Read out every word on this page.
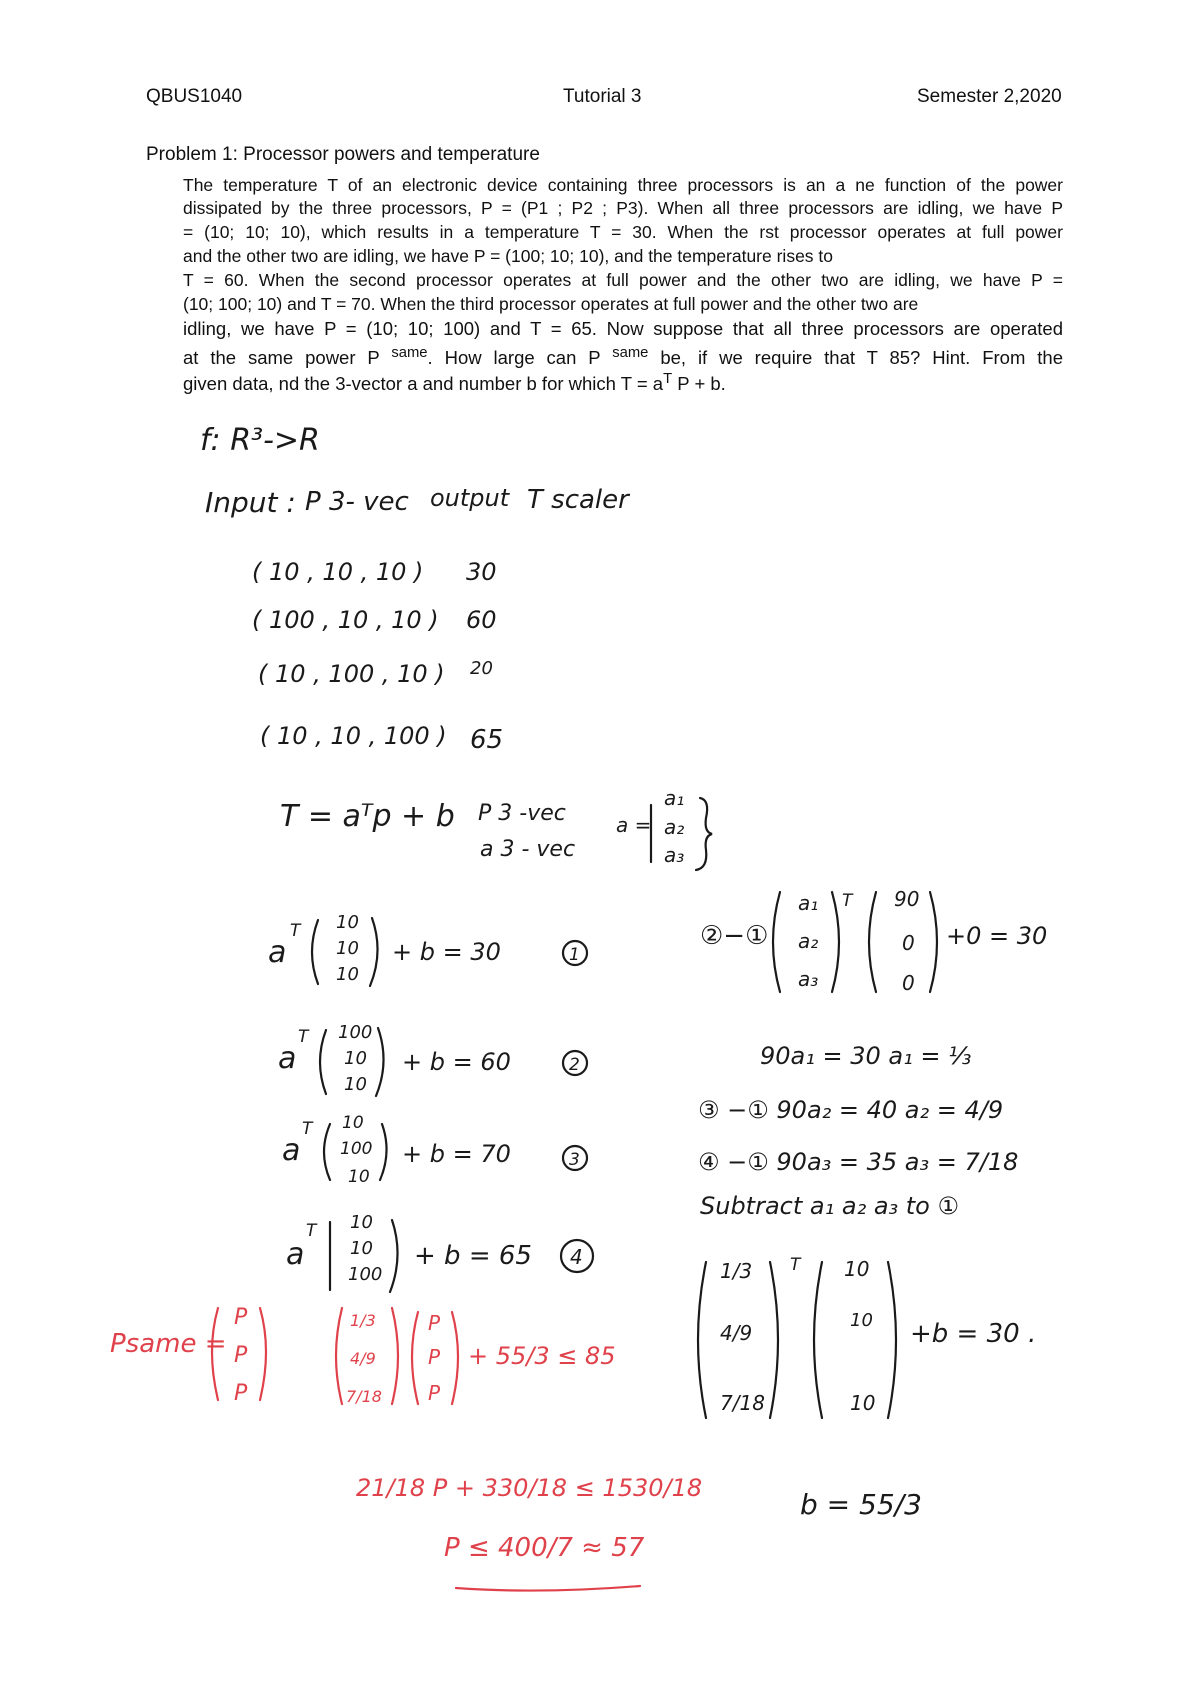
QBUS1040	Tutorial 3	Semester 2,2020
Problem 1: Processor powers and temperature
The temperature T of an electronic device containing three processors is an a ne function of the power
dissipated by the three processors, P = (P1 ; P2 ; P3). When all three processors are idling, we have P
= (10; 10; 10), which results in a temperature T = 30. When the rst processor operates at full power
and the other two are idling, we have P = (100; 10; 10), and the temperature rises to
T = 60. When the second processor operates at full power and the other two are idling, we have P =
(10; 100; 10) and T = 70. When the third processor operates at full power and the other two are
idling, we have P = (10; 10; 100) and T = 65. Now suppose that all three processors are operated
at the same power P $^{same}$. How large can P $^{same}$ be, if we require that T 85? Hint. From the
given data, nd the 3-vector a and number b for which $T = a^T$ P + b.
f: R³->R
Input : P 3- vec output T scaler
( 10 , 10 , 10 ) 30
( 100 , 10 , 10 ) 60
( 10 , 100 , 10 ) 20
( 10 , 10 , 100 ) 65
T = aᵀp + b P 3 -vec
a 3 - vec
a =
a₁
a₂
a₃
a
T 10
10
10
+ b = 30	1
a
T 100
10
10
+ b = 60	2
a
T 10
100
10
+ b = 70	3
a
T 10
10
100
+ b = 65 4
②−①
a₁
a₂
a₃
T 90
0
0
+0 = 30
90a₁ = 30 a₁ = ⅓
③ −① 90a₂ = 40 a₂ = 4/9
④ −① 90a₃ = 35 a₃ = 7/18
Subtract a₁ a₂ a₃ to ①
1/3
4/9
7/18
T 10
10
10
+b = 30 .
b = 55/3
Psame =
P
P
P
1/3
4/9
7/18
P
P
P
+ 55/3 ≤ 85
21/18 P + 330/18 ≤ 1530/18
P ≤ 400/7 ≈ 57
